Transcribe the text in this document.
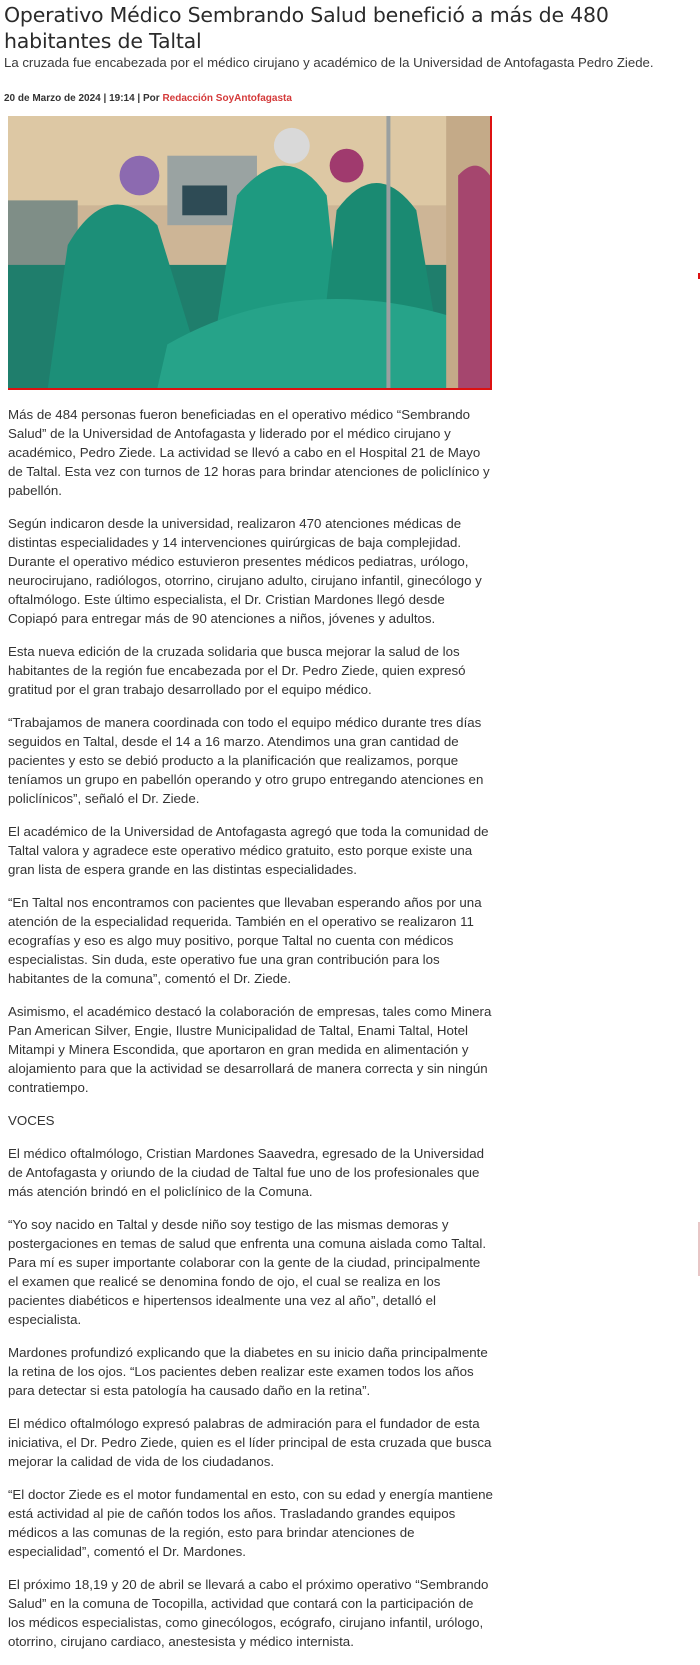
Operativo Médico Sembrando Salud benefició a más de 480 habitantes de Taltal

La cruzada fue encabezada por el médico cirujano y académico de la Universidad de Antofagasta Pedro Ziede.

20 de Marzo de 2024 | 19:14 | Por Redacción SoyAntofagasta

Más de 484 personas fueron beneficiadas en el operativo médico “Sembrando Salud” de la Universidad de Antofagasta y liderado por el médico cirujano y académico, Pedro Ziede. La actividad se llevó a cabo en el Hospital 21 de Mayo de Taltal. Esta vez con turnos de 12 horas para brindar atenciones de policlínico y pabellón.

Según indicaron desde la universidad, realizaron 470 atenciones médicas de distintas especialidades y 14 intervenciones quirúrgicas de baja complejidad. Durante el operativo médico estuvieron presentes médicos pediatras, urólogo, neurocirujano, radiólogos, otorrino, cirujano adulto, cirujano infantil, ginecólogo y oftalmólogo. Este último especialista, el Dr. Cristian Mardones llegó desde Copiapó para entregar más de 90 atenciones a niños, jóvenes y adultos.

Esta nueva edición de la cruzada solidaria que busca mejorar la salud de los habitantes de la región fue encabezada por el Dr. Pedro Ziede, quien expresó gratitud por el gran trabajo desarrollado por el equipo médico.

“Trabajamos de manera coordinada con todo el equipo médico durante tres días seguidos en Taltal, desde el 14 a 16 marzo. Atendimos una gran cantidad de pacientes y esto se debió producto a la planificación que realizamos, porque teníamos un grupo en pabellón operando y otro grupo entregando atenciones en policlínicos”, señaló el Dr. Ziede.

El académico de la Universidad de Antofagasta agregó que toda la comunidad de Taltal valora y agradece este operativo médico gratuito, esto porque existe una gran lista de espera grande en las distintas especialidades.

“En Taltal nos encontramos con pacientes que llevaban esperando años por una atención de la especialidad requerida. También en el operativo se realizaron 11 ecografías y eso es algo muy positivo, porque Taltal no cuenta con médicos especialistas. Sin duda, este operativo fue una gran contribución para los habitantes de la comuna”, comentó el Dr. Ziede.

Asimismo, el académico destacó la colaboración de empresas, tales como Minera Pan American Silver, Engie, Ilustre Municipalidad de Taltal, Enami Taltal, Hotel Mitampi y Minera Escondida, que aportaron en gran medida en alimentación y alojamiento para que la actividad se desarrollará de manera correcta y sin ningún contratiempo.

VOCES

El médico oftalmólogo, Cristian Mardones Saavedra, egresado de la Universidad de Antofagasta y oriundo de la ciudad de Taltal fue uno de los profesionales que más atención brindó en el policlínico de la Comuna.

“Yo soy nacido en Taltal y desde niño soy testigo de las mismas demoras y postergaciones en temas de salud que enfrenta una comuna aislada como Taltal. Para mí es super importante colaborar con la gente de la ciudad, principalmente el examen que realicé se denomina fondo de ojo, el cual se realiza en los pacientes diabéticos e hipertensos idealmente una vez al año”, detalló el especialista.

Mardones profundizó explicando que la diabetes en su inicio daña principalmente la retina de los ojos. “Los pacientes deben realizar este examen todos los años para detectar si esta patología ha causado daño en la retina”.

El médico oftalmólogo expresó palabras de admiración para el fundador de esta iniciativa, el Dr. Pedro Ziede, quien es el líder principal de esta cruzada que busca mejorar la calidad de vida de los ciudadanos.

“El doctor Ziede es el motor fundamental en esto, con su edad y energía mantiene está actividad al pie de cañón todos los años. Trasladando grandes equipos médicos a las comunas de la región, esto para brindar atenciones de especialidad”, comentó el Dr. Mardones.

El próximo 18,19 y 20 de abril se llevará a cabo el próximo operativo “Sembrando Salud” en la comuna de Tocopilla, actividad que contará con la participación de los médicos especialistas, como ginecólogos, ecógrafo, cirujano infantil, urólogo, otorrino, cirujano cardiaco, anestesista y médico internista.
